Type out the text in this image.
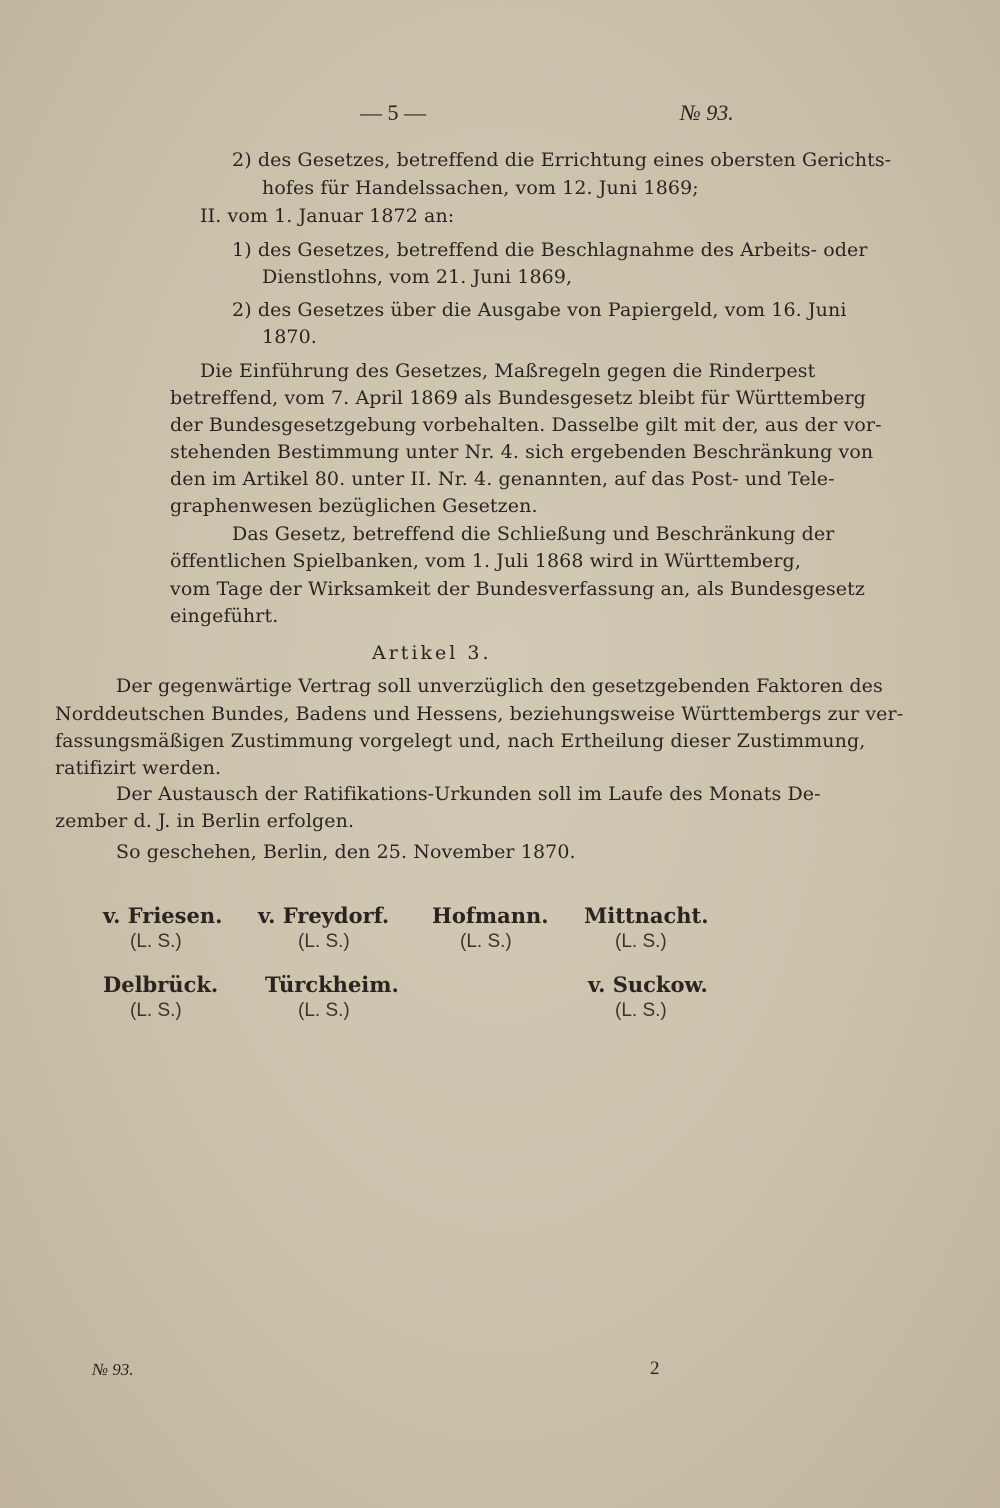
— 5 —	№ 93.
2) des Gesetzes, betreffend die Errichtung eines obersten Gerichts-
hofes für Handelssachen, vom 12. Juni 1869;
II. vom 1. Januar 1872 an:
1) des Gesetzes, betreffend die Beschlagnahme des Arbeits- oder
Dienstlohns, vom 21. Juni 1869,
2) des Gesetzes über die Ausgabe von Papiergeld, vom 16. Juni
1870.
Die Einführung des Gesetzes, Maßregeln gegen die Rinderpest
betreffend, vom 7. April 1869 als Bundesgesetz bleibt für Württemberg
der Bundesgesetzgebung vorbehalten. Dasselbe gilt mit der, aus der vor-
stehenden Bestimmung unter Nr. 4. sich ergebenden Beschränkung von
den im Artikel 80. unter II. Nr. 4. genannten, auf das Post- und Tele-
graphenwesen bezüglichen Gesetzen.
Das Gesetz, betreffend die Schließung und Beschränkung der
öffentlichen Spielbanken, vom 1. Juli 1868 wird in Württemberg,
vom Tage der Wirksamkeit der Bundesverfassung an, als Bundesgesetz
eingeführt.
Artikel 3.
Der gegenwärtige Vertrag soll unverzüglich den gesetzgebenden Faktoren des
Norddeutschen Bundes, Badens und Hessens, beziehungsweise Württembergs zur ver-
fassungsmäßigen Zustimmung vorgelegt und, nach Ertheilung dieser Zustimmung,
ratifizirt werden.
Der Austausch der Ratifikations-Urkunden soll im Laufe des Monats De-
zember d. J. in Berlin erfolgen.
So geschehen, Berlin, den 25. November 1870.
v. Friesen.
(L. S.)
v. Freydorf.
(L. S.)
Hofmann.
(L. S.)
Mittnacht.
(L. S.)
Delbrück.
(L. S.)
Türckheim.
(L. S.)
v. Suckow.
(L. S.)
№ 93.	2
